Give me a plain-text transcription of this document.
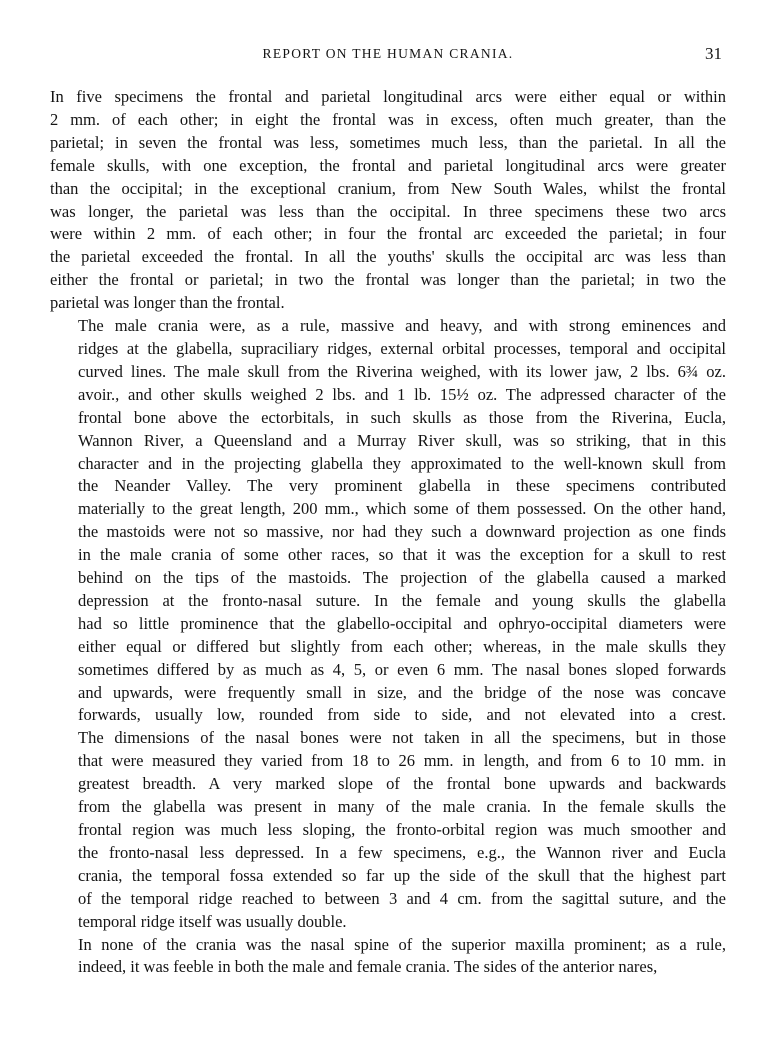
REPORT ON THE HUMAN CRANIA.	31

In five specimens the frontal and parietal longitudinal arcs were either equal or within
2 mm. of each other; in eight the frontal was in excess, often much greater, than the
parietal; in seven the frontal was less, sometimes much less, than the parietal. In all the
female skulls, with one exception, the frontal and parietal longitudinal arcs were greater
than the occipital; in the exceptional cranium, from New South Wales, whilst the frontal
was longer, the parietal was less than the occipital. In three specimens these two arcs
were within 2 mm. of each other; in four the frontal arc exceeded the parietal; in four
the parietal exceeded the frontal. In all the youths' skulls the occipital arc was less than
either the frontal or parietal; in two the frontal was longer than the parietal; in two the
parietal was longer than the frontal.

The male crania were, as a rule, massive and heavy, and with strong eminences and
ridges at the glabella, supraciliary ridges, external orbital processes, temporal and occipital
curved lines. The male skull from the Riverina weighed, with its lower jaw, 2 lbs. 6¾ oz.
avoir., and other skulls weighed 2 lbs. and 1 lb. 15½ oz. The adpressed character of the
frontal bone above the ectorbitals, in such skulls as those from the Riverina, Eucla,
Wannon River, a Queensland and a Murray River skull, was so striking, that in this
character and in the projecting glabella they approximated to the well-known skull from
the Neander Valley. The very prominent glabella in these specimens contributed
materially to the great length, 200 mm., which some of them possessed. On the other hand,
the mastoids were not so massive, nor had they such a downward projection as one finds
in the male crania of some other races, so that it was the exception for a skull to rest
behind on the tips of the mastoids. The projection of the glabella caused a marked
depression at the fronto-nasal suture. In the female and young skulls the glabella
had so little prominence that the glabello-occipital and ophryo-occipital diameters were
either equal or differed but slightly from each other; whereas, in the male skulls they
sometimes differed by as much as 4, 5, or even 6 mm. The nasal bones sloped forwards
and upwards, were frequently small in size, and the bridge of the nose was concave
forwards, usually low, rounded from side to side, and not elevated into a crest.
The dimensions of the nasal bones were not taken in all the specimens, but in those
that were measured they varied from 18 to 26 mm. in length, and from 6 to 10 mm. in
greatest breadth. A very marked slope of the frontal bone upwards and backwards
from the glabella was present in many of the male crania. In the female skulls the
frontal region was much less sloping, the fronto-orbital region was much smoother and
the fronto-nasal less depressed. In a few specimens, e.g., the Wannon river and Eucla
crania, the temporal fossa extended so far up the side of the skull that the highest part
of the temporal ridge reached to between 3 and 4 cm. from the sagittal suture, and the
temporal ridge itself was usually double.

In none of the crania was the nasal spine of the superior maxilla prominent; as a rule,
indeed, it was feeble in both the male and female crania. The sides of the anterior nares,
